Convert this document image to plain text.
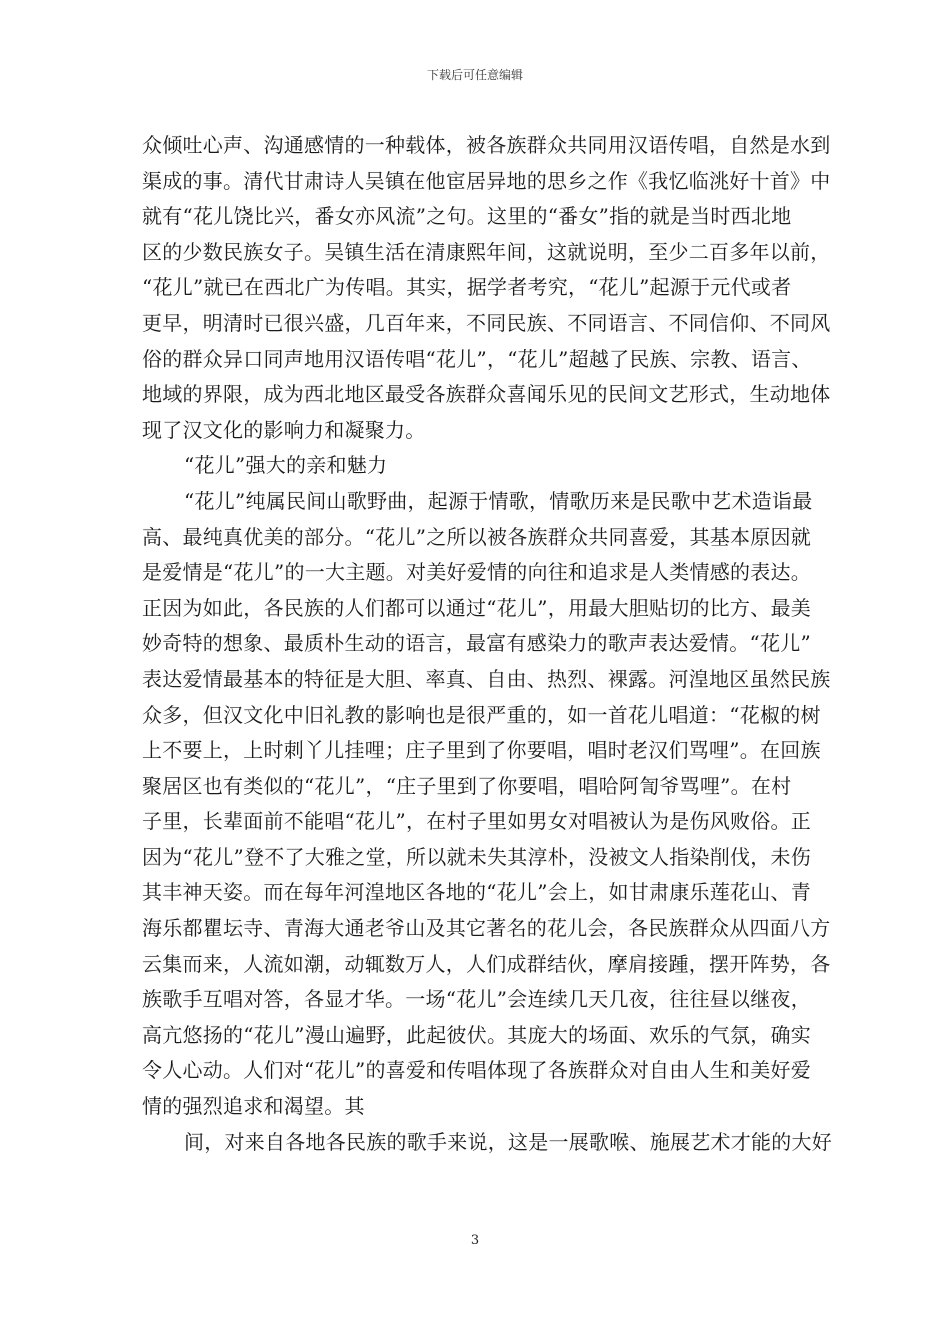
下载后可任意编辑
众倾吐心声、沟通感情的一种载体，被各族群众共同用汉语传唱，自然是水到
渠成的事。清代甘肃诗人吴镇在他宦居异地的思乡之作《我忆临洮好十首》中
就有“花儿饶比兴，番女亦风流”之句。这里的“番女”指的就是当时西北地
区的少数民族女子。吴镇生活在清康熙年间，这就说明，至少二百多年以前，
“花儿”就已在西北广为传唱。其实，据学者考究，“花儿”起源于元代或者
更早，明清时已很兴盛，几百年来，不同民族、不同语言、不同信仰、不同风
俗的群众异口同声地用汉语传唱“花儿”，“花儿”超越了民族、宗教、语言、
地域的界限，成为西北地区最受各族群众喜闻乐见的民间文艺形式，生动地体
现了汉文化的影响力和凝聚力。
“花儿”强大的亲和魅力
“花儿”纯属民间山歌野曲，起源于情歌，情歌历来是民歌中艺术造诣最
高、最纯真优美的部分。“花儿”之所以被各族群众共同喜爱，其基本原因就
是爱情是“花儿”的一大主题。对美好爱情的向往和追求是人类情感的表达。
正因为如此，各民族的人们都可以通过“花儿”，用最大胆贴切的比方、最美
妙奇特的想象、最质朴生动的语言，最富有感染力的歌声表达爱情。“花儿”
表达爱情最基本的特征是大胆、率真、自由、热烈、裸露。河湟地区虽然民族
众多，但汉文化中旧礼教的影响也是很严重的，如一首花儿唱道：“花椒的树
上不要上，上时刺丫儿挂哩；庄子里到了你要唱，唱时老汉们骂哩”。在回族
聚居区也有类似的“花儿”，“庄子里到了你要唱，唱哈阿訇爷骂哩”。在村
子里，长辈面前不能唱“花儿”，在村子里如男女对唱被认为是伤风败俗。正
因为“花儿”登不了大雅之堂，所以就未失其淳朴，没被文人指染削伐，未伤
其丰神天姿。而在每年河湟地区各地的“花儿”会上，如甘肃康乐莲花山、青
海乐都瞿坛寺、青海大通老爷山及其它著名的花儿会，各民族群众从四面八方
云集而来，人流如潮，动辄数万人，人们成群结伙，摩肩接踵，摆开阵势，各
族歌手互唱对答，各显才华。一场“花儿”会连续几天几夜，往往昼以继夜，
高亢悠扬的“花儿”漫山遍野，此起彼伏。其庞大的场面、欢乐的气氛，确实
令人心动。人们对“花儿”的喜爱和传唱体现了各族群众对自由人生和美好爱
情的强烈追求和渴望。其
间，对来自各地各民族的歌手来说，这是一展歌喉、施展艺术才能的大好
3
